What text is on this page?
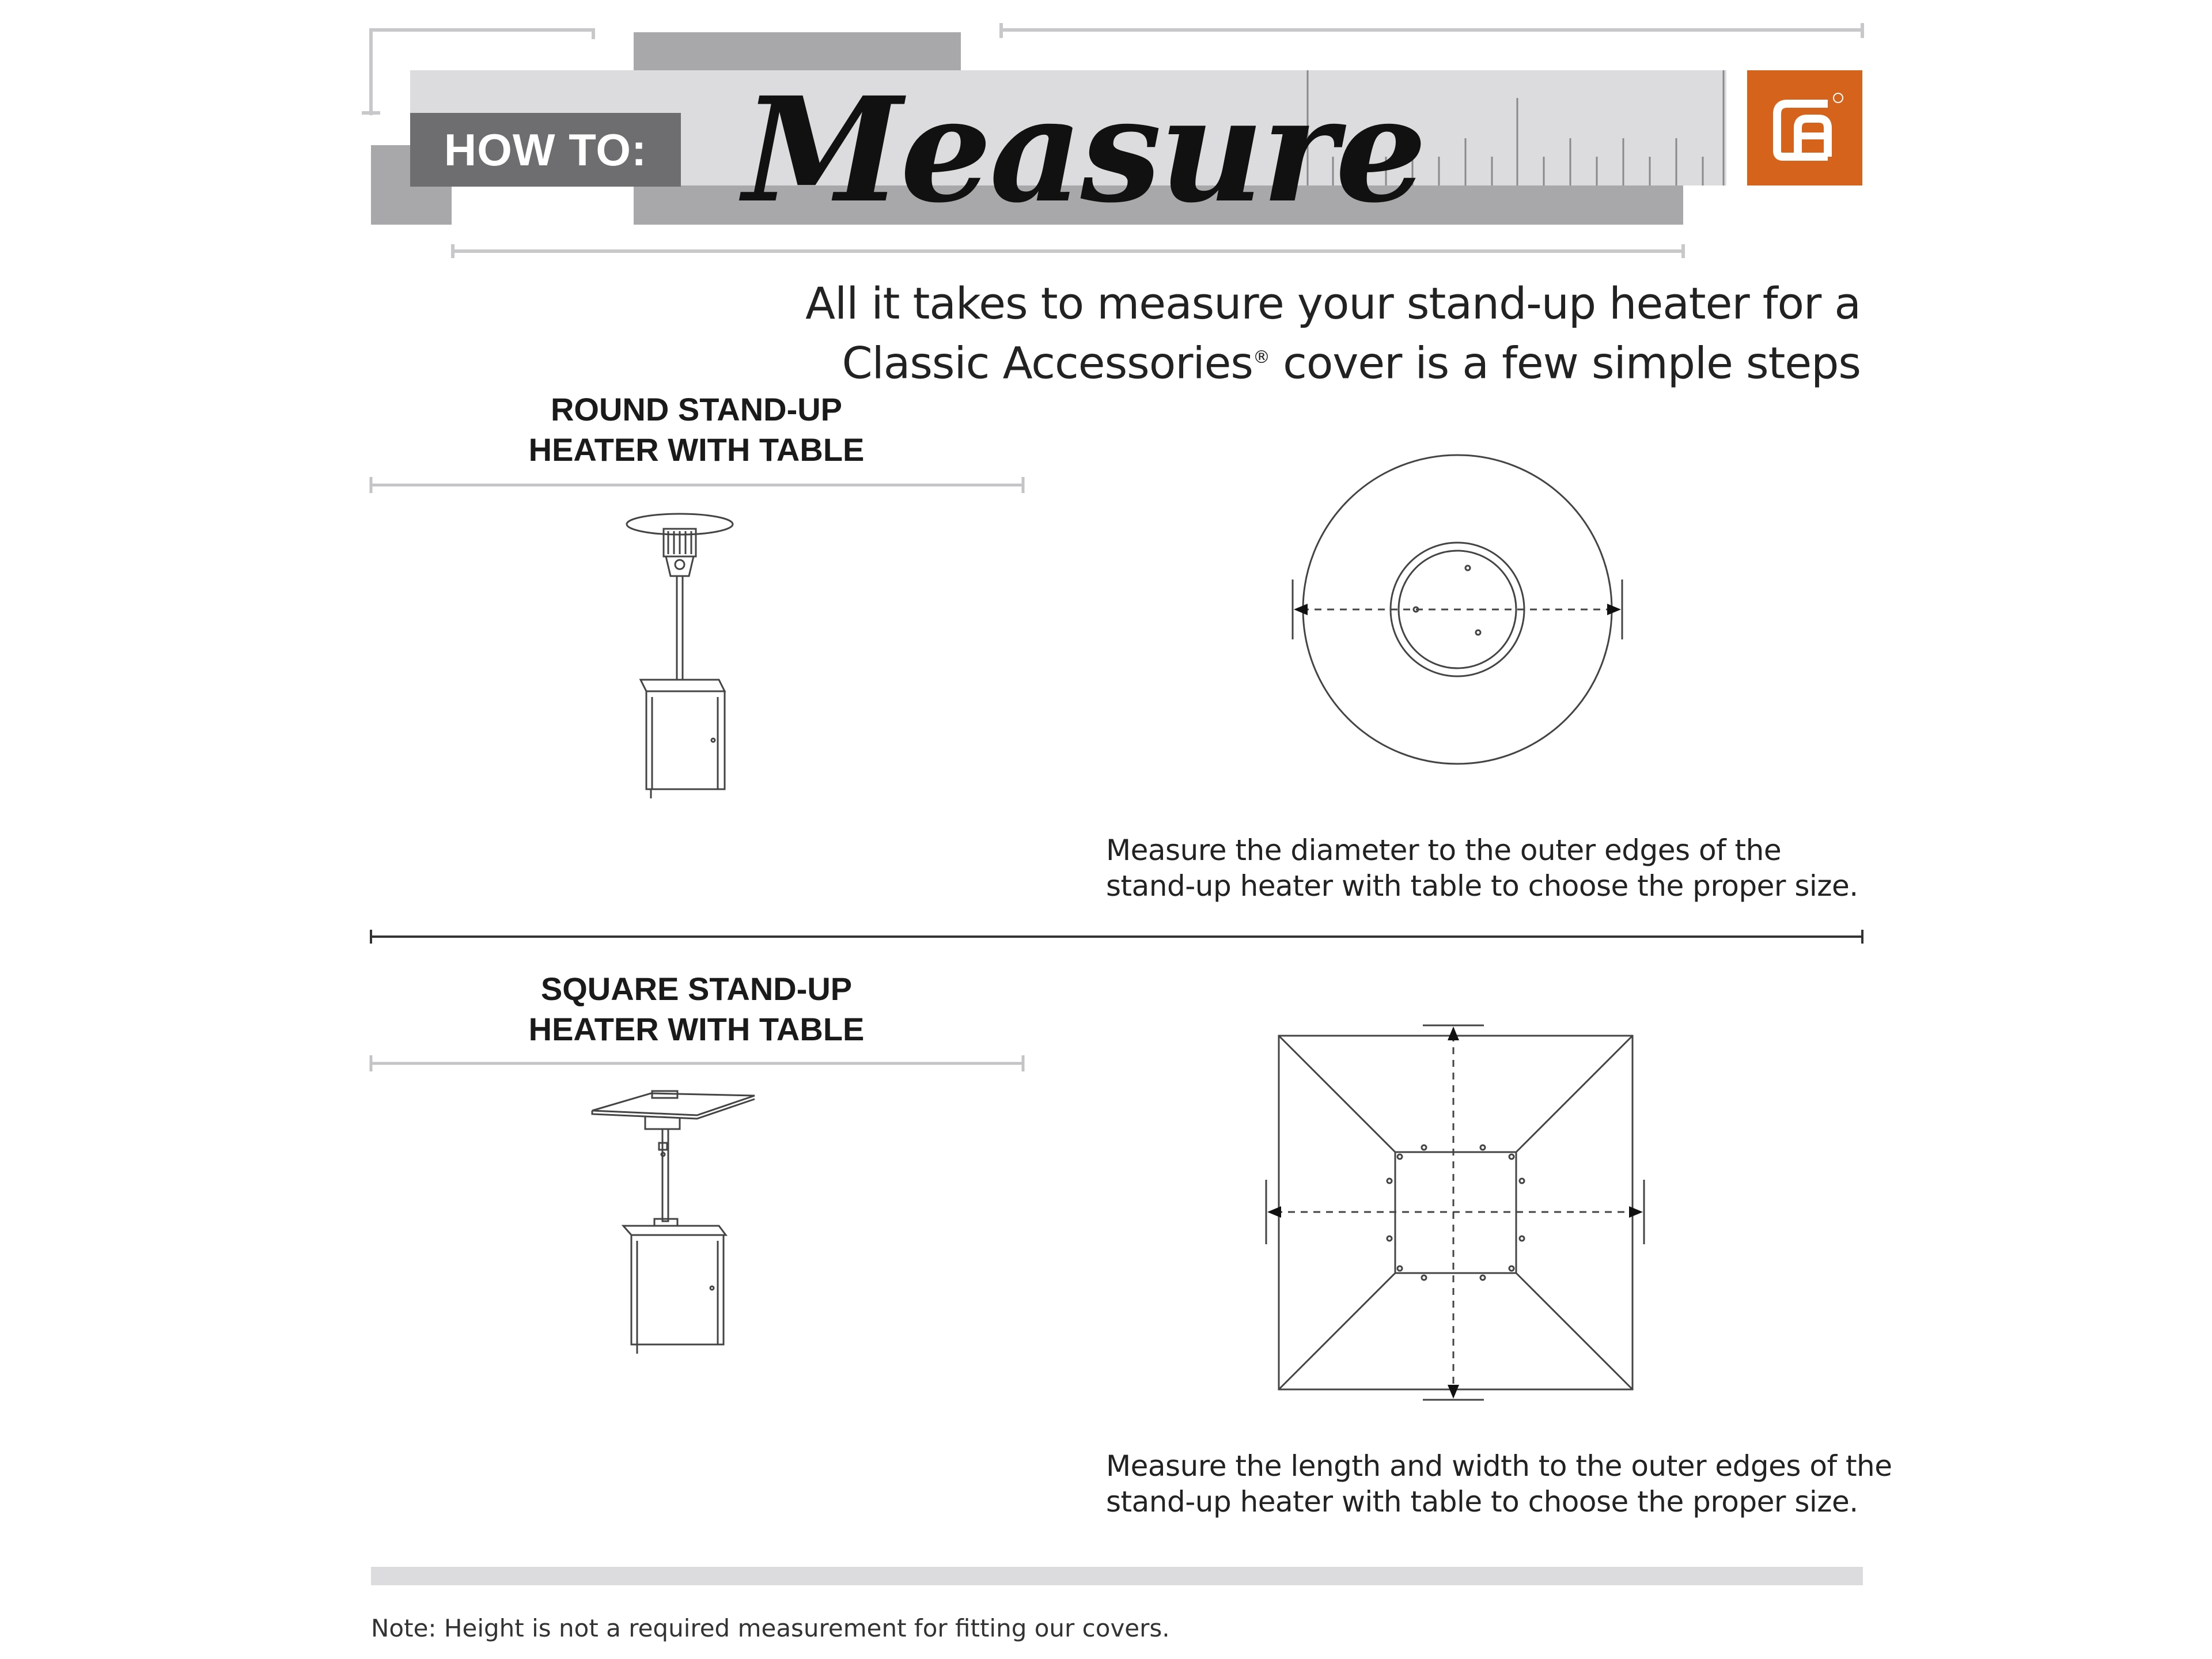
HOW TO: Measure
All it takes to measure your stand-up heater for a
Classic Accessories® cover is a few simple steps
ROUND STAND-UP
HEATER WITH TABLE
Measure the diameter to the outer edges of the
stand-up heater with table to choose the proper size.
SQUARE STAND-UP
HEATER WITH TABLE
Measure the length and width to the outer edges of the
stand-up heater with table to choose the proper size.
Note: Height is not a required measurement for fitting our covers.
